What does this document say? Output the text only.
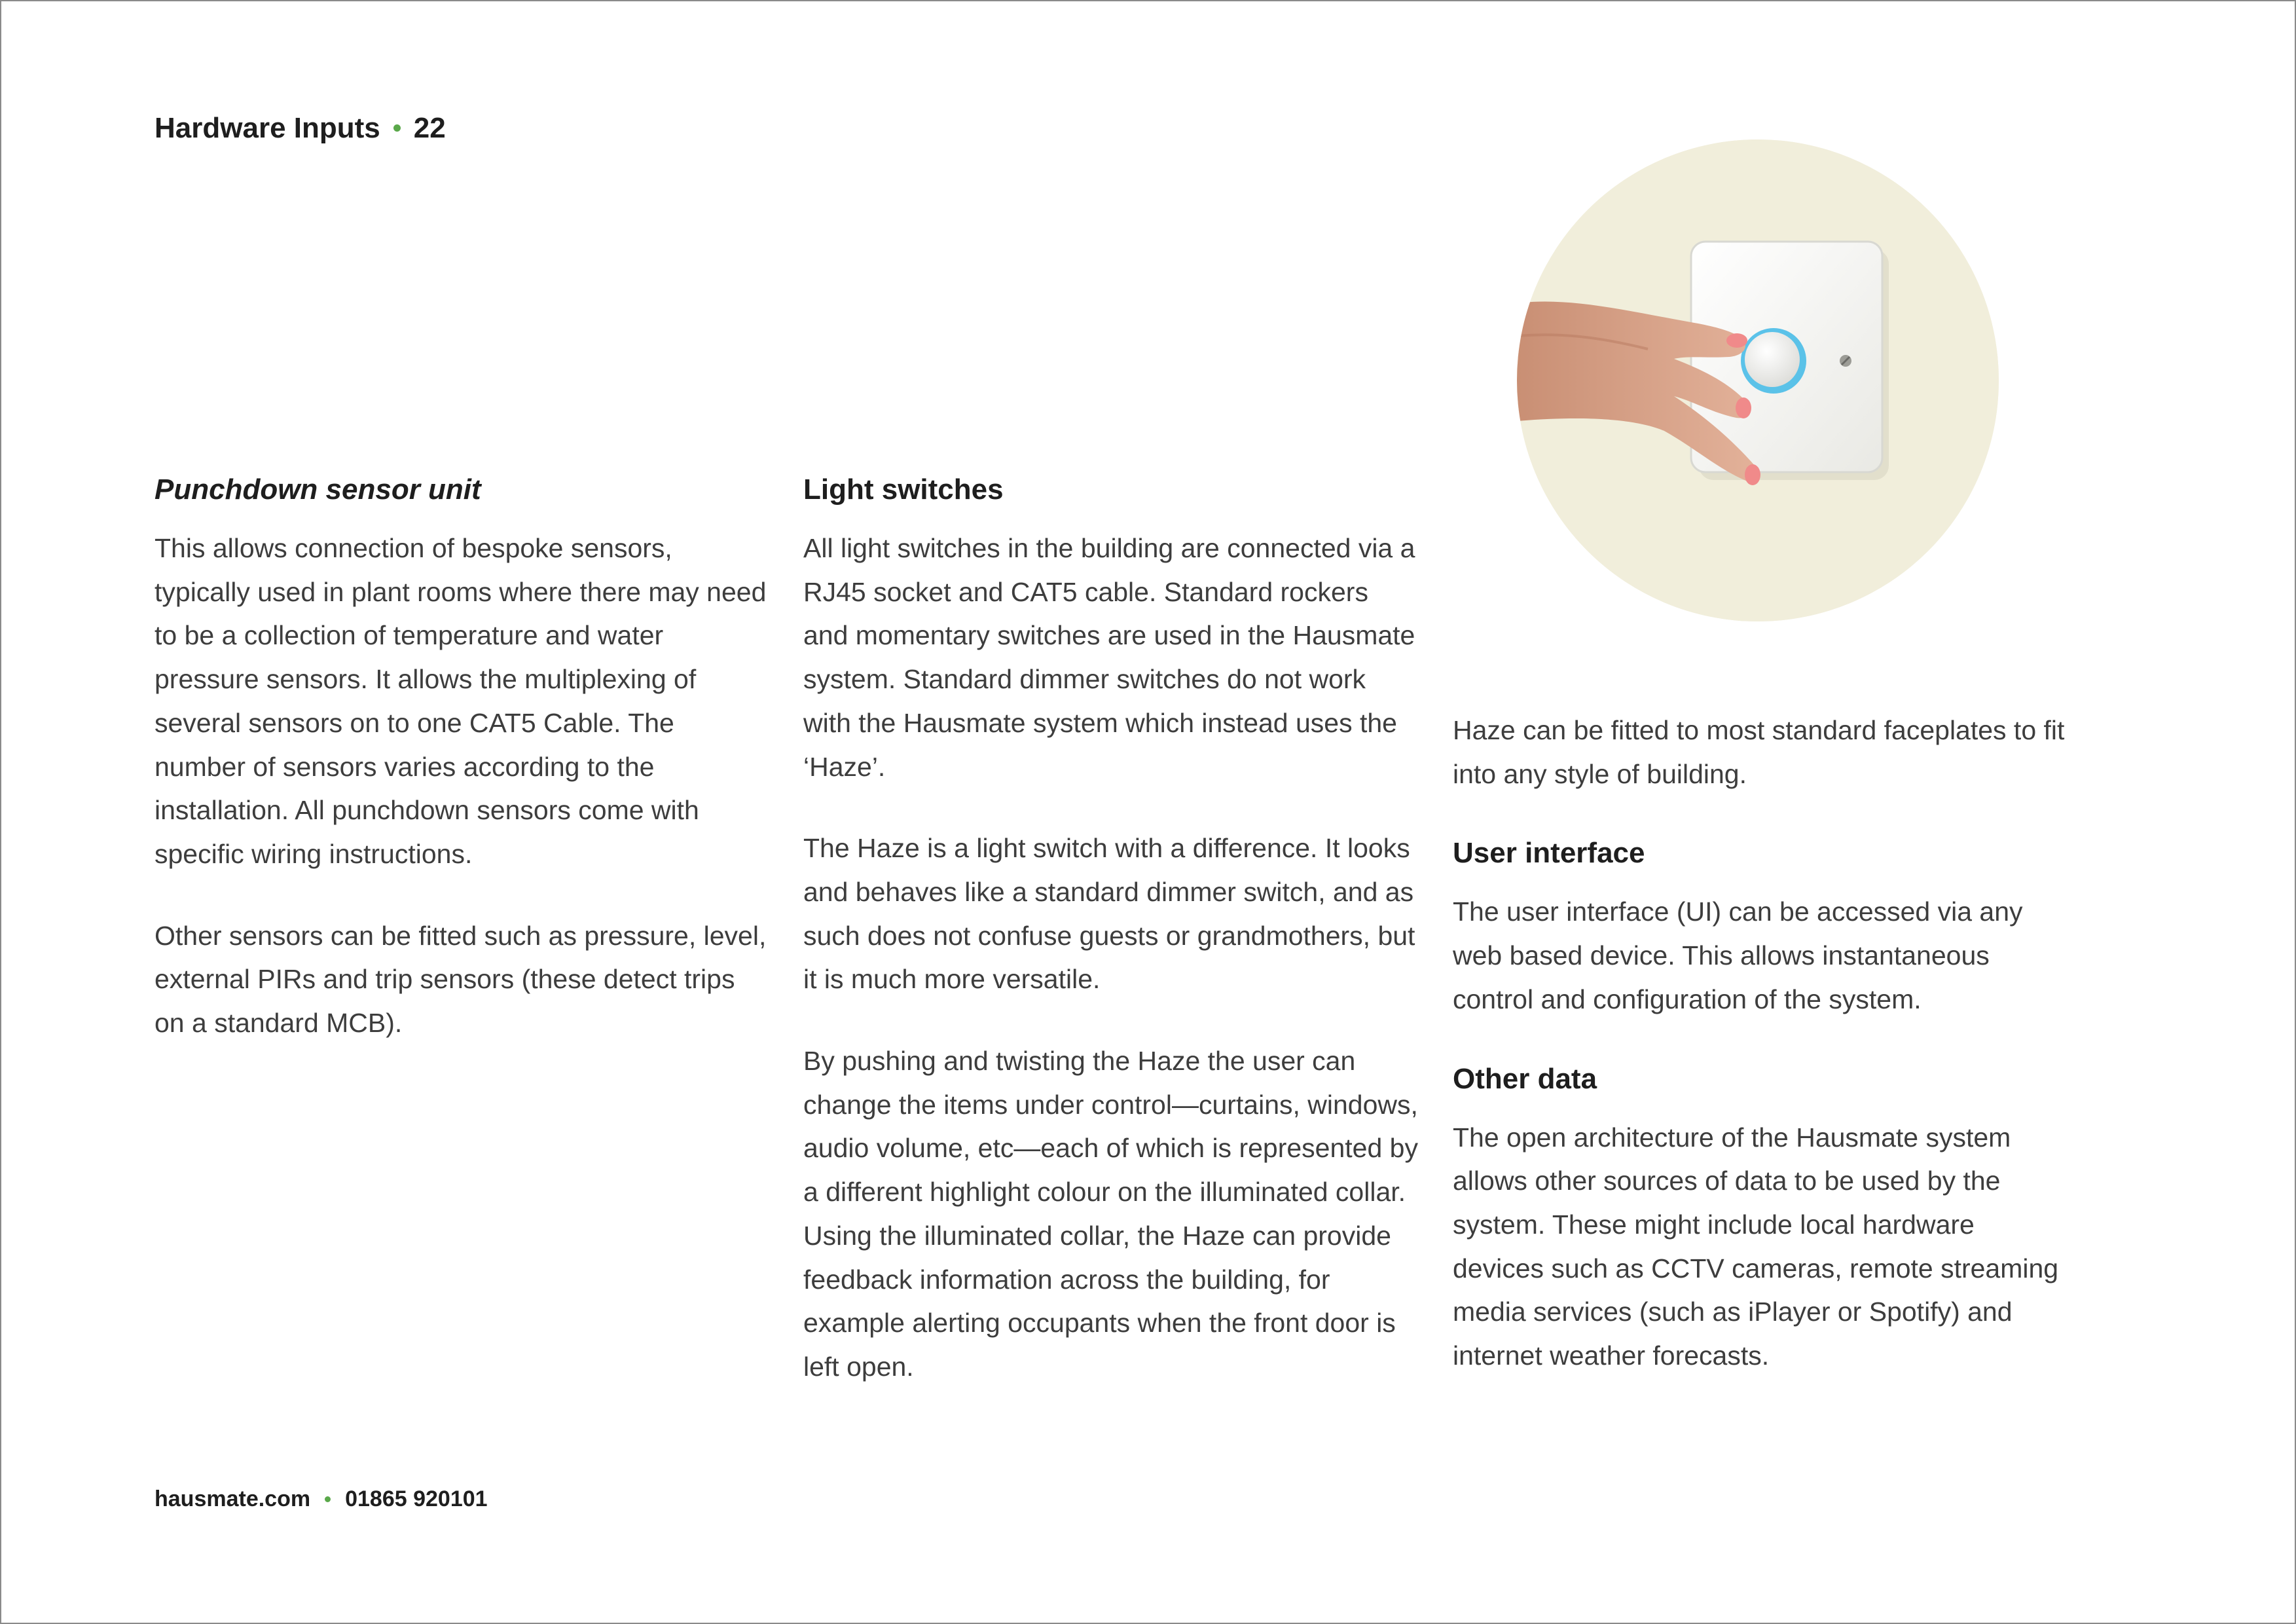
Hardware Inputs 22
Punchdown sensor unit

This allows connection of bespoke sensors, typically used in plant rooms where there may need to be a collection of temperature and water pressure sensors. It allows the multiplexing of several sensors on to one CAT5 Cable. The number of sensors varies according to the installation. All punchdown sensors come with specific wiring instructions.

Other sensors can be fitted such as pressure, level, external PIRs and trip sensors (these detect trips on a standard MCB).

Light switches

All light switches in the building are connected via a RJ45 socket and CAT5 cable. Standard rockers and momentary switches are used in the Hausmate system. Standard dimmer switches do not work with the Hausmate system which instead uses the ‘Haze’.

The Haze is a light switch with a difference. It looks and behaves like a standard dimmer switch, and as such does not confuse guests or grandmothers, but it is much more versatile.

By pushing and twisting the Haze the user can change the items under control—curtains, windows, audio volume, etc—each of which is represented by a different highlight colour on the illuminated collar. Using the illuminated collar, the Haze can provide feedback information across the building, for example alerting occupants when the front door is left open.

Haze can be fitted to most standard faceplates to fit into any style of building.

User interface

The user interface (UI) can be accessed via any web based device. This allows instantaneous control and configuration of the system.

Other data

The open architecture of the Hausmate system allows other sources of data to be used by the system. These might include local hardware devices such as CCTV cameras, remote streaming media services (such as iPlayer or Spotify) and internet weather forecasts.

hausmate.com 01865 920101
